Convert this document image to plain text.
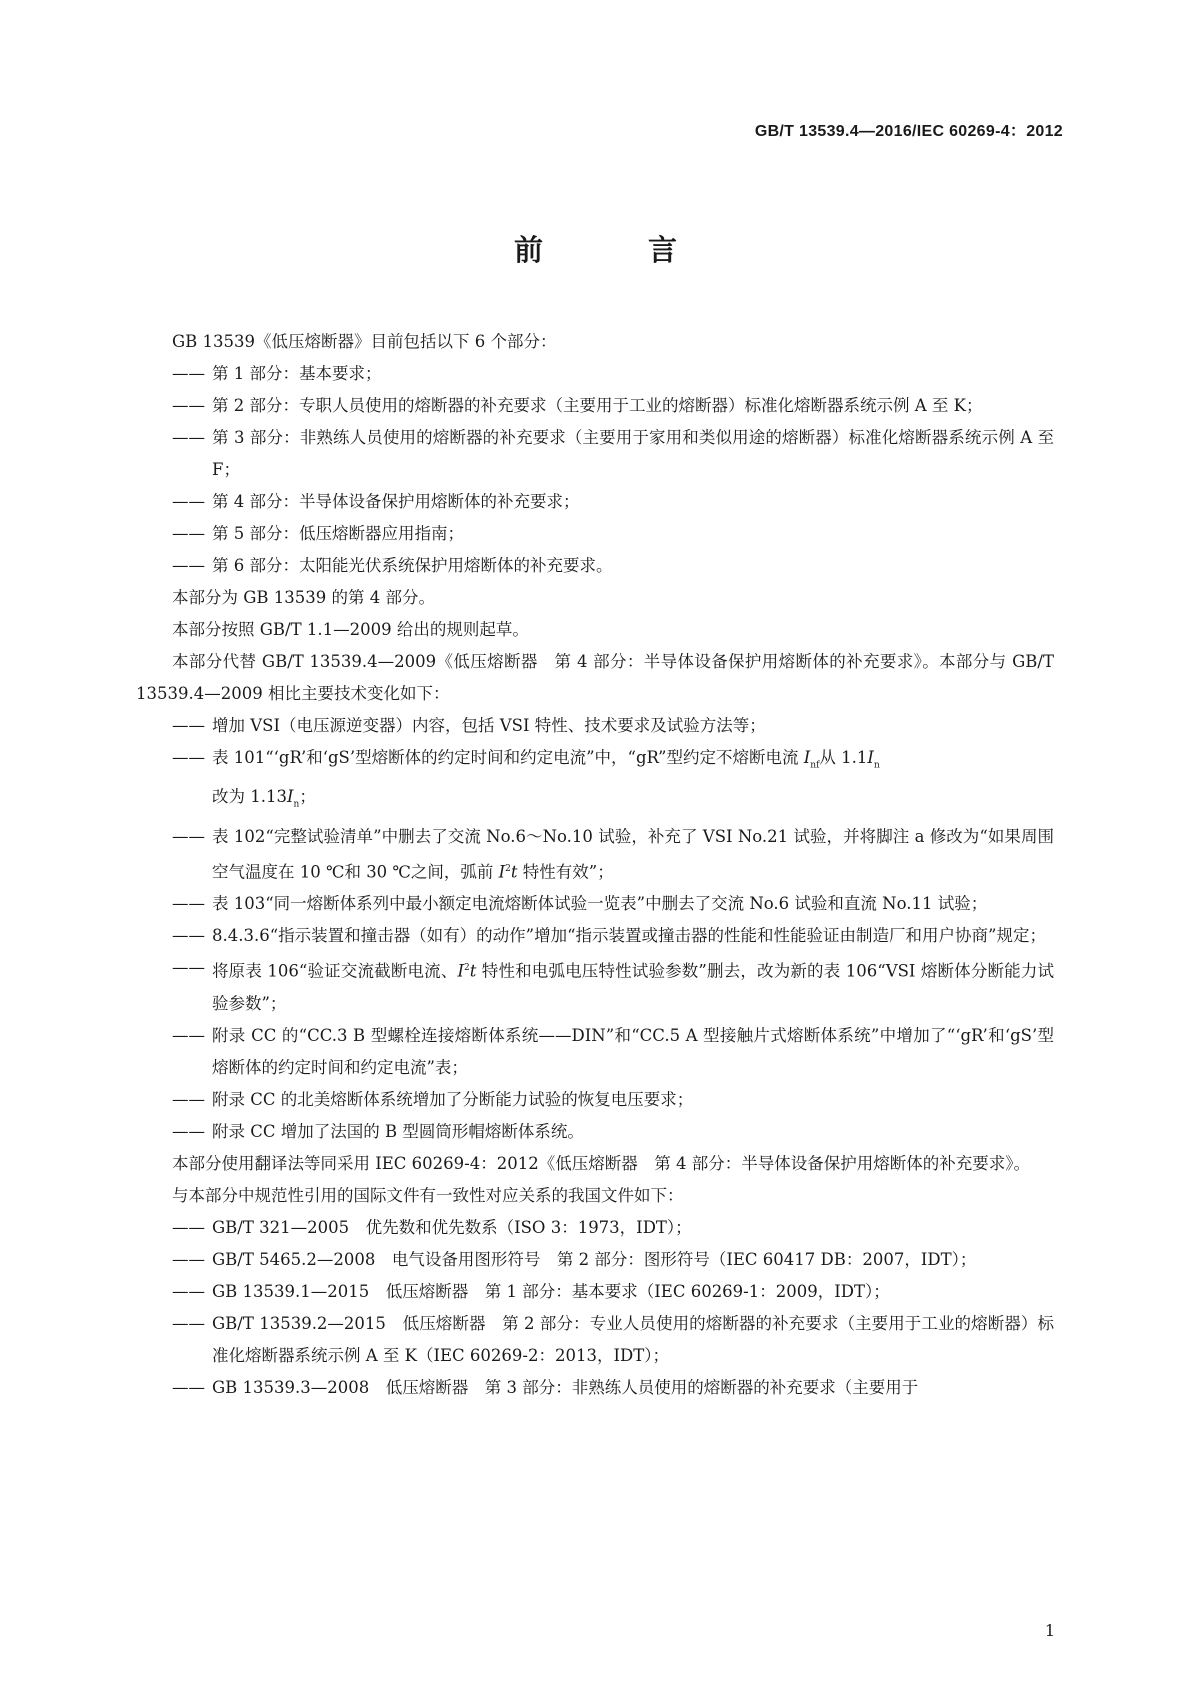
GB/T 13539.4—2016/IEC 60269-4：2012
前　言
GB 13539《低压熔断器》目前包括以下 6 个部分：
—— 第 1 部分：基本要求；
—— 第 2 部分：专职人员使用的熔断器的补充要求（主要用于工业的熔断器）标准化熔断器系统示例 A 至 K；
—— 第 3 部分：非熟练人员使用的熔断器的补充要求（主要用于家用和类似用途的熔断器）标准化熔断器系统示例 A 至 F；
—— 第 4 部分：半导体设备保护用熔断体的补充要求；
—— 第 5 部分：低压熔断器应用指南；
—— 第 6 部分：太阳能光伏系统保护用熔断体的补充要求。
本部分为 GB 13539 的第 4 部分。
本部分按照 GB/T 1.1—2009 给出的规则起草。
本部分代替 GB/T 13539.4—2009《低压熔断器　第 4 部分：半导体设备保护用熔断体的补充要求》。本部分与 GB/T 13539.4—2009 相比主要技术变化如下：
—— 增加 VSI（电压源逆变器）内容，包括 VSI 特性、技术要求及试验方法等；
—— 表 101“‘gR’和‘gS’型熔断体的约定时间和约定电流”中，“gR”型约定不熔断电流 $I_{nf}$从 $1.1I_n$
改为 $1.13I_n$；
—— 表 102“完整试验清单”中删去了交流 No.6～No.10 试验，补充了 VSI No.21 试验，并将脚注 a 修改为“如果周围空气温度在 10 ℃和 30 ℃之间，弧前 $I^2t$ 特性有效”；
—— 表 103“同一熔断体系列中最小额定电流熔断体试验一览表”中删去了交流 No.6 试验和直流 No.11 试验；
—— 8.4.3.6“指示装置和撞击器（如有）的动作”增加“指示装置或撞击器的性能和性能验证由制造厂和用户协商”规定；
—— 将原表 106“验证交流截断电流、$I^2t$ 特性和电弧电压特性试验参数”删去，改为新的表 106“VSI 熔断体分断能力试验参数”；
—— 附录 CC 的“CC.3 B 型螺栓连接熔断体系统——DIN”和“CC.5 A 型接触片式熔断体系统”中增加了“‘gR’和‘gS’型熔断体的约定时间和约定电流”表；
—— 附录 CC 的北美熔断体系统增加了分断能力试验的恢复电压要求；
—— 附录 CC 增加了法国的 B 型圆筒形帽熔断体系统。
本部分使用翻译法等同采用 IEC 60269-4：2012《低压熔断器　第 4 部分：半导体设备保护用熔断体的补充要求》。
与本部分中规范性引用的国际文件有一致性对应关系的我国文件如下：
—— GB/T 321—2005　优先数和优先数系（ISO 3：1973，IDT）；
—— GB/T 5465.2—2008　电气设备用图形符号　第 2 部分：图形符号（IEC 60417 DB：2007，IDT）；
—— GB 13539.1—2015　低压熔断器　第 1 部分：基本要求（IEC 60269-1：2009，IDT）；
—— GB/T 13539.2—2015　低压熔断器　第 2 部分：专业人员使用的熔断器的补充要求（主要用于工业的熔断器）标准化熔断器系统示例 A 至 K（IEC 60269-2：2013，IDT）；
—— GB 13539.3—2008　低压熔断器　第 3 部分：非熟练人员使用的熔断器的补充要求（主要用于
1
